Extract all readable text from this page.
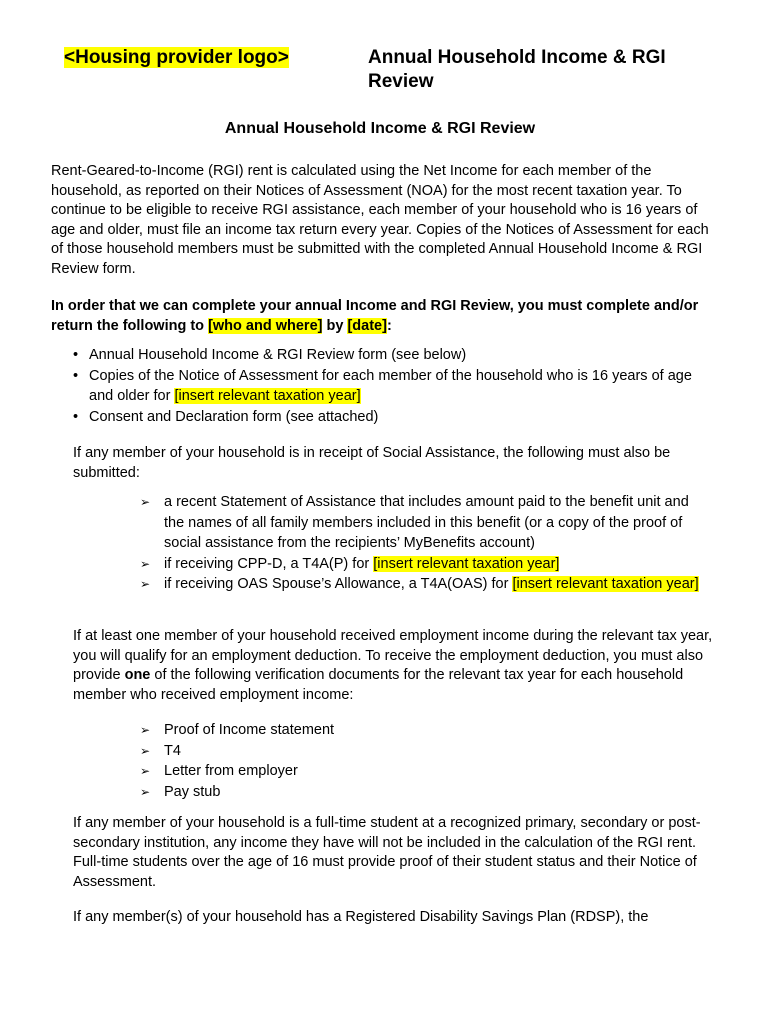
<Housing provider logo>	Annual Household Income & RGI Review
Annual Household Income & RGI Review

Rent-Geared-to-Income (RGI) rent is calculated using the Net Income for each member of the household, as reported on their Notices of Assessment (NOA) for the most recent taxation year. To continue to be eligible to receive RGI assistance, each member of your household who is 16 years of age and older, must file an income tax return every year. Copies of the Notices of Assessment for each of those household members must be submitted with the completed Annual Household Income & RGI Review form.

In order that we can complete your annual Income and RGI Review, you must complete and/or return the following to [who and where] by [date]:

• Annual Household Income & RGI Review form (see below)
• Copies of the Notice of Assessment for each member of the household who is 16 years of age and older for [insert relevant taxation year]
• Consent and Declaration form (see attached)

If any member of your household is in receipt of Social Assistance, the following must also be submitted:

➢ a recent Statement of Assistance that includes amount paid to the benefit unit and the names of all family members included in this benefit (or a copy of the proof of social assistance from the recipients’ MyBenefits account)
➢ if receiving CPP-D, a T4A(P) for [insert relevant taxation year]
➢ if receiving OAS Spouse’s Allowance, a T4A(OAS) for [insert relevant taxation year]

If at least one member of your household received employment income during the relevant tax year, you will qualify for an employment deduction. To receive the employment deduction, you must also provide one of the following verification documents for the relevant tax year for each household member who received employment income:

➢ Proof of Income statement
➢ T4
➢ Letter from employer
➢ Pay stub

If any member of your household is a full-time student at a recognized primary, secondary or post-secondary institution, any income they have will not be included in the calculation of the RGI rent. Full-time students over the age of 16 must provide proof of their student status and their Notice of Assessment.

If any member(s) of your household has a Registered Disability Savings Plan (RDSP), the
